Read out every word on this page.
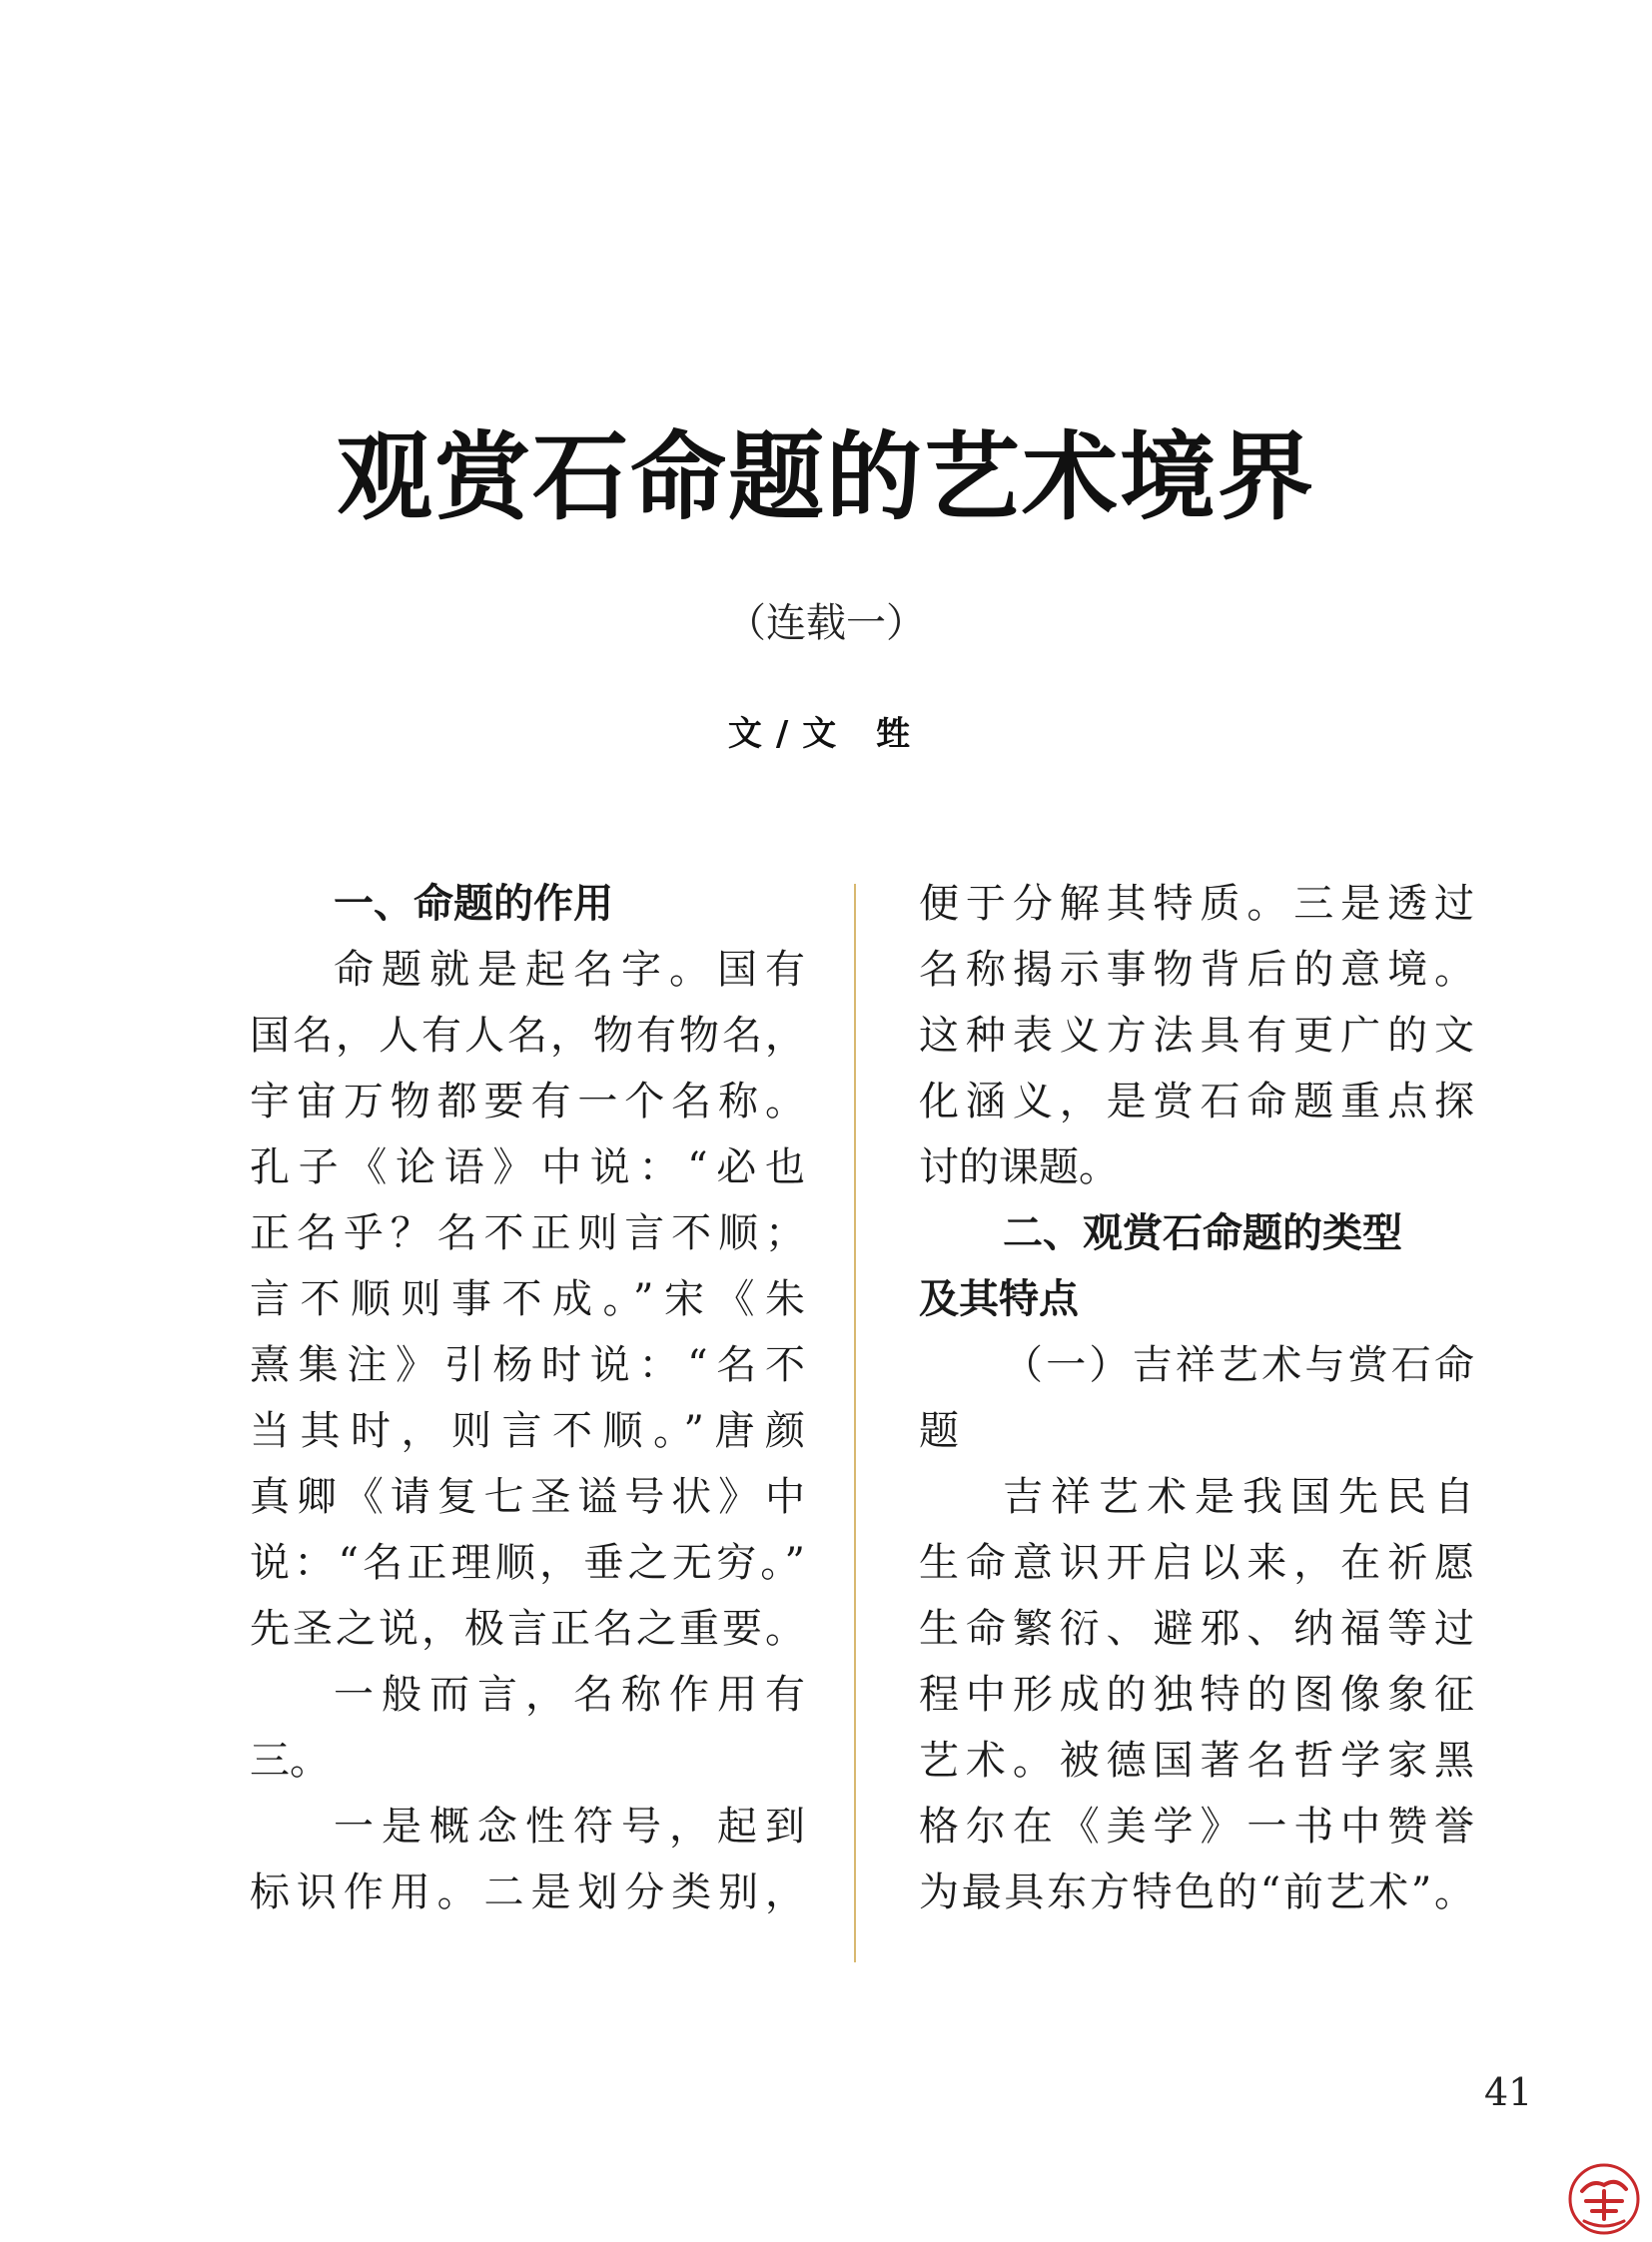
观赏石命题的艺术境界
（连载一）
文/文 甡
一、命题的作用
命题就是起名字。国有
国名，人有人名，物有物名，
宇宙万物都要有一个名称。
孔子《论语》中说：“必也
正名乎？名不正则言不顺；
言不顺则事不成。”宋《朱
熹集注》引杨时说：“名不
当其时，则言不顺。”唐颜
真卿《请复七圣谥号状》中
说：“名正理顺，垂之无穷。”
先圣之说，极言正名之重要。
一般而言，名称作用有
三。
一是概念性符号，起到
标识作用。二是划分类别，
便于分解其特质。三是透过
名称揭示事物背后的意境。
这种表义方法具有更广的文
化涵义，是赏石命题重点探
讨的课题。
二、观赏石命题的类型
及其特点
（一）吉祥艺术与赏石命
题
吉祥艺术是我国先民自
生命意识开启以来，在祈愿
生命繁衍、避邪、纳福等过
程中形成的独特的图像象征
艺术。被德国著名哲学家黑
格尔在《美学》一书中赞誉
为最具东方特色的“前艺术”。
41
